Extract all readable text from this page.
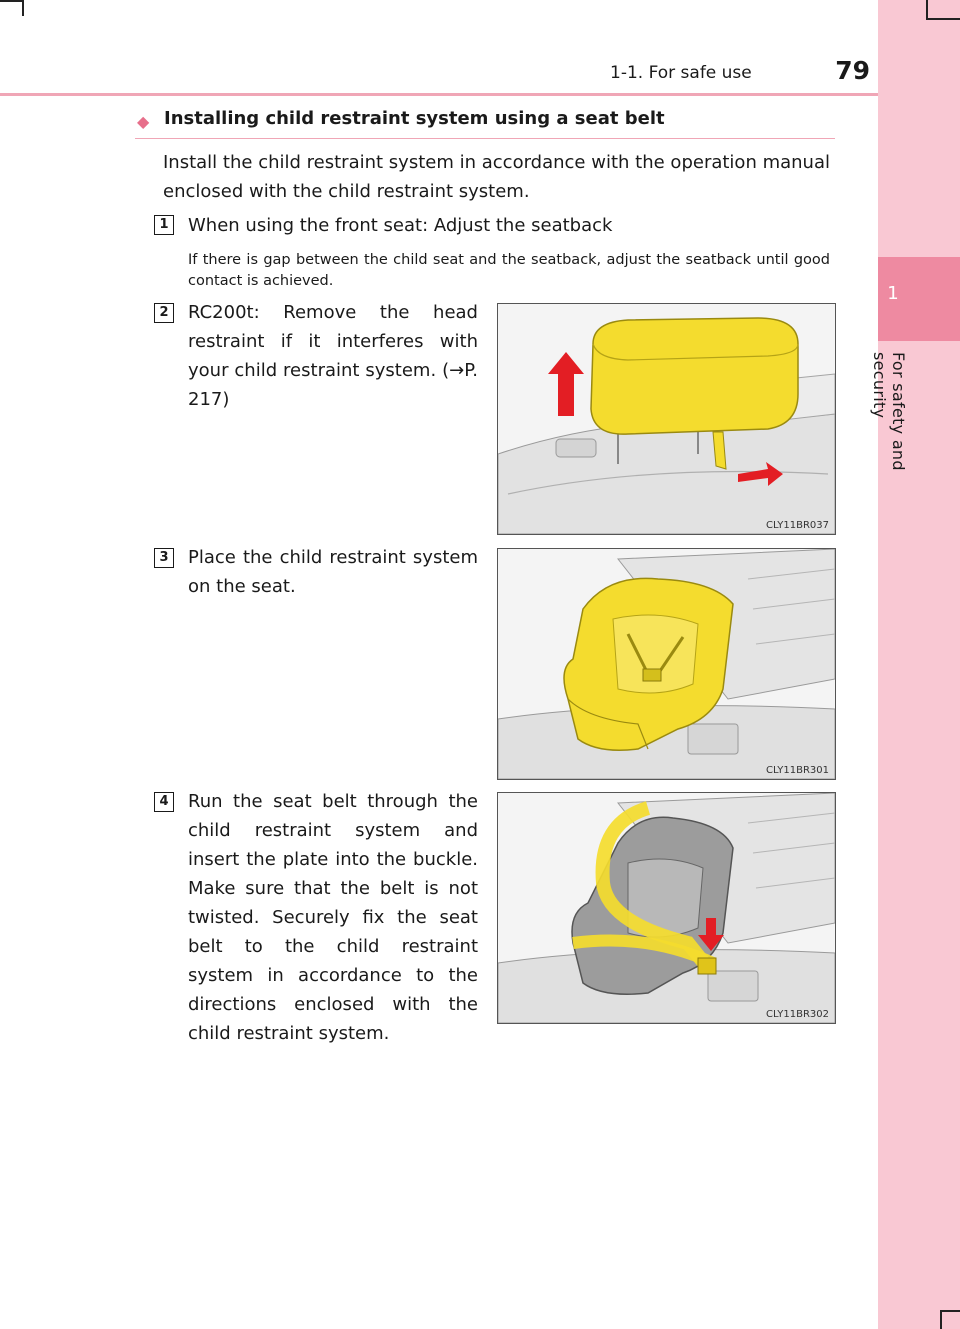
1
For safety and security
1-1. For safe use	79
◆ Installing child restraint system using a seat belt
Install the child restraint system in accordance with the operation manual enclosed with the child restraint system.
1	When using the front seat: Adjust the seatback
If there is gap between the child seat and the seatback, adjust the seatback until good contact is achieved.
2	RC200t: Remove the head restraint if it interferes with your child restraint system. (→P. 217)
CLY11BR037
3	Place the child restraint system on the seat.
CLY11BR301
4	Run the seat belt through the child restraint system and insert the plate into the buckle. Make sure that the belt is not twisted. Securely fix the seat belt to the child restraint system in accordance to the directions enclosed with the child restraint system.
CLY11BR302
